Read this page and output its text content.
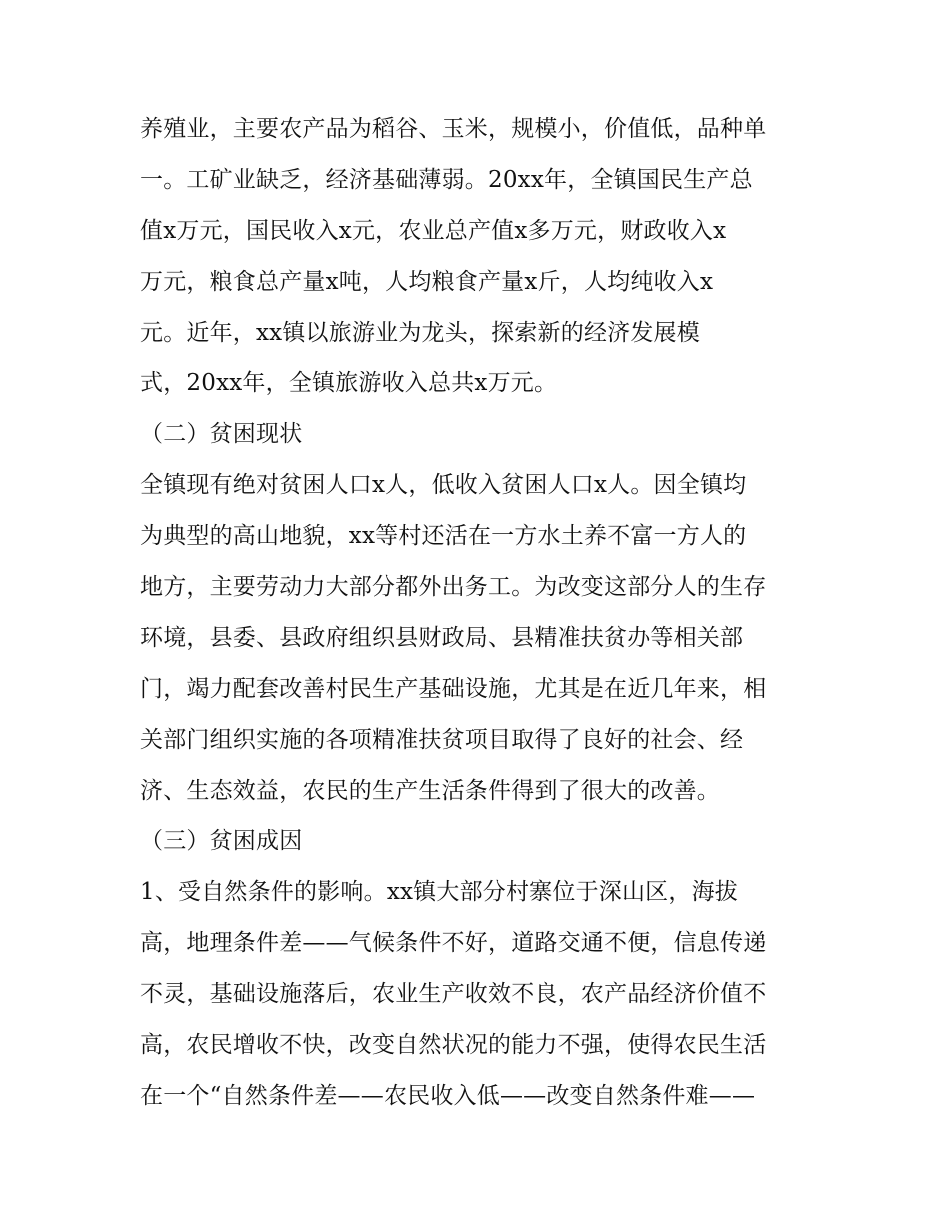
养殖业，主要农产品为稻谷、玉米，规模小，价值低，品种单
一。工矿业缺乏，经济基础薄弱。20xx年，全镇国民生产总
值x万元，国民收入x元，农业总产值x多万元，财政收入x
万元，粮食总产量x吨，人均粮食产量x斤，人均纯收入x
元。近年，xx镇以旅游业为龙头，探索新的经济发展模
式，20xx年，全镇旅游收入总共x万元。
（二）贫困现状
全镇现有绝对贫困人口x人，低收入贫困人口x人。因全镇均
为典型的高山地貌，xx等村还活在一方水土养不富一方人的
地方，主要劳动力大部分都外出务工。为改变这部分人的生存
环境，县委、县政府组织县财政局、县精准扶贫办等相关部
门，竭力配套改善村民生产基础设施，尤其是在近几年来，相
关部门组织实施的各项精准扶贫项目取得了良好的社会、经
济、生态效益，农民的生产生活条件得到了很大的改善。
（三）贫困成因
1、受自然条件的影响。xx镇大部分村寨位于深山区，海拔
高，地理条件差——气候条件不好，道路交通不便，信息传递
不灵，基础设施落后，农业生产收效不良，农产品经济价值不
高，农民增收不快，改变自然状况的能力不强，使得农民生活
在一个“自然条件差——农民收入低——改变自然条件难——
